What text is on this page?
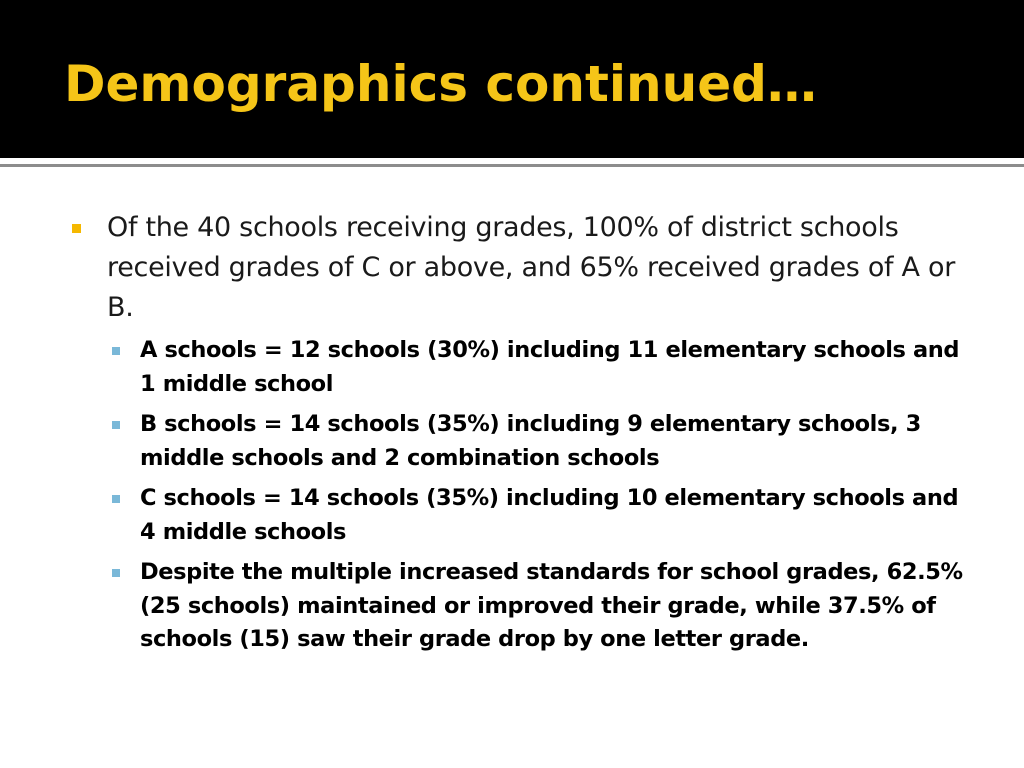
Demographics continued…
Of the 40 schools receiving grades, 100% of district schools received grades of C or above, and 65% received grades of A or B.
A schools = 12 schools (30%) including 11 elementary schools and 1 middle school
B schools = 14 schools (35%) including 9 elementary schools, 3 middle schools and 2 combination schools
C schools = 14 schools (35%) including 10 elementary schools and 4 middle schools
Despite the multiple increased standards for school grades, 62.5% (25 schools) maintained or improved their grade, while 37.5% of schools (15) saw their grade drop by one letter grade.
